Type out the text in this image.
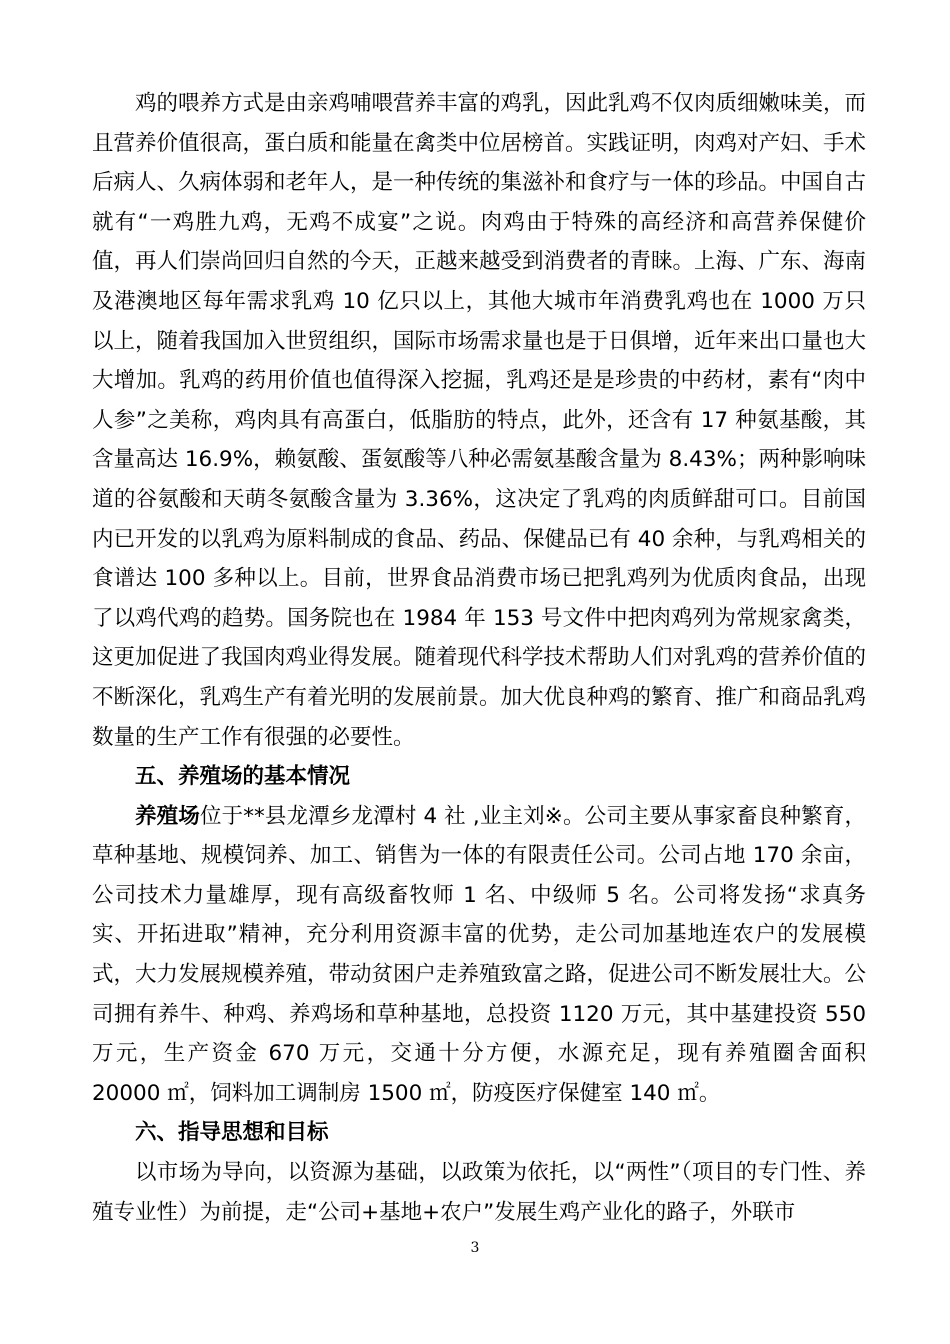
鸡的喂养方式是由亲鸡哺喂营养丰富的鸡乳，因此乳鸡不仅肉质细嫩味美，而且营养价值很高，蛋白质和能量在禽类中位居榜首。实践证明，肉鸡对产妇、手术后病人、久病体弱和老年人，是一种传统的集滋补和食疗与一体的珍品。中国自古就有“一鸡胜九鸡，无鸡不成宴”之说。肉鸡由于特殊的高经济和高营养保健价值，再人们崇尚回归自然的今天，正越来越受到消费者的青睐。上海、广东、海南及港澳地区每年需求乳鸡 10 亿只以上，其他大城市年消费乳鸡也在 1000 万只以上，随着我国加入世贸组织，国际市场需求量也是于日俱增，近年来出口量也大大增加。乳鸡的药用价值也值得深入挖掘，乳鸡还是是珍贵的中药材，素有“肉中人参”之美称，鸡肉具有高蛋白，低脂肪的特点，此外，还含有 17 种氨基酸，其含量高达 16.9%，赖氨酸、蛋氨酸等八种必需氨基酸含量为 8.43%；两种影响味道的谷氨酸和天萌冬氨酸含量为 3.36%，这决定了乳鸡的肉质鲜甜可口。目前国内已开发的以乳鸡为原料制成的食品、药品、保健品已有 40 余种，与乳鸡相关的食谱达 100 多种以上。目前，世界食品消费市场已把乳鸡列为优质肉食品，出现了以鸡代鸡的趋势。国务院也在 1984 年 153 号文件中把肉鸡列为常规家禽类，这更加促进了我国肉鸡业得发展。随着现代科学技术帮助人们对乳鸡的营养价值的不断深化，乳鸡生产有着光明的发展前景。加大优良种鸡的繁育、推广和商品乳鸡数量的生产工作有很强的必要性。

五、养殖场的基本情况

养殖场位于**县龙潭乡龙潭村 4 社 ,业主刘※。公司主要从事家畜良种繁育，草种基地、规模饲养、加工、销售为一体的有限责任公司。公司占地 170 余亩，公司技术力量雄厚，现有高级畜牧师 1 名、中级师 5 名。公司将发扬“求真务实、开拓进取”精神，充分利用资源丰富的优势，走公司加基地连农户的发展模式，大力发展规模养殖，带动贫困户走养殖致富之路，促进公司不断发展壮大。公司拥有养牛、种鸡、养鸡场和草种基地，总投资 1120 万元，其中基建投资 550 万元，生产资金 670 万元，交通十分方便，水源充足，现有养殖圈舍面积 20000 ㎡，饲料加工调制房 1500 ㎡，防疫医疗保健室 140 ㎡。

六、指导思想和目标

以市场为导向，以资源为基础，以政策为依托，以“两性”（项目的专门性、养殖专业性）为前提，走“公司+基地+农户”发展生鸡产业化的路子，外联市

3
